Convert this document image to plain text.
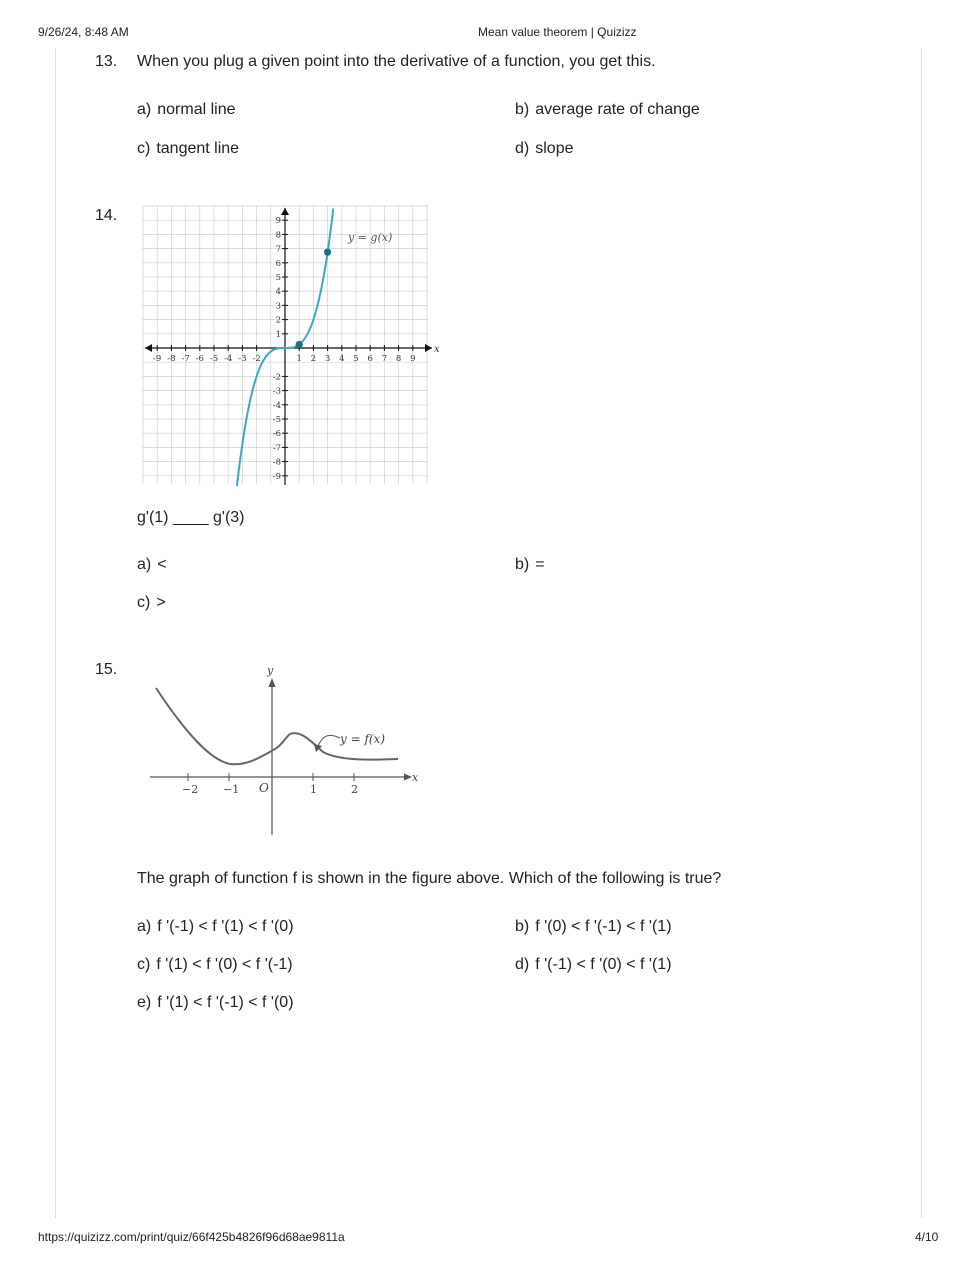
9/26/24, 8:48 AM	Mean value theorem | Quizizz
https://quizizz.com/print/quiz/66f425b4826f96d68ae9811a	4/10
13. When you plug a given point into the derivative of a function, you get this.
a) normal line	b) average rate of change
c) tangent line	d) slope
14.
-9 -8 -7 -6 -5 -4 -3 -2	1 2 3 4 5 6 7 8 9
1
2
3
4
5
6
7
8
9
-2
-3
-4
-5
-6
-7
-8
-9
x
y = g(x)
g'(1) ____ g'(3)
a) <	b) =
c) >
15.
−2 −1	1	2
O
y
x
y = f(x)
The graph of function f is shown in the figure above. Which of the following is true?
a) f '(-1) < f '(1) < f '(0)	b) f '(0) < f '(-1) < f '(1)
c) f '(1) < f '(0) < f '(-1)	d) f '(-1) < f '(0) < f '(1)
e) f '(1) < f '(-1) < f '(0)
